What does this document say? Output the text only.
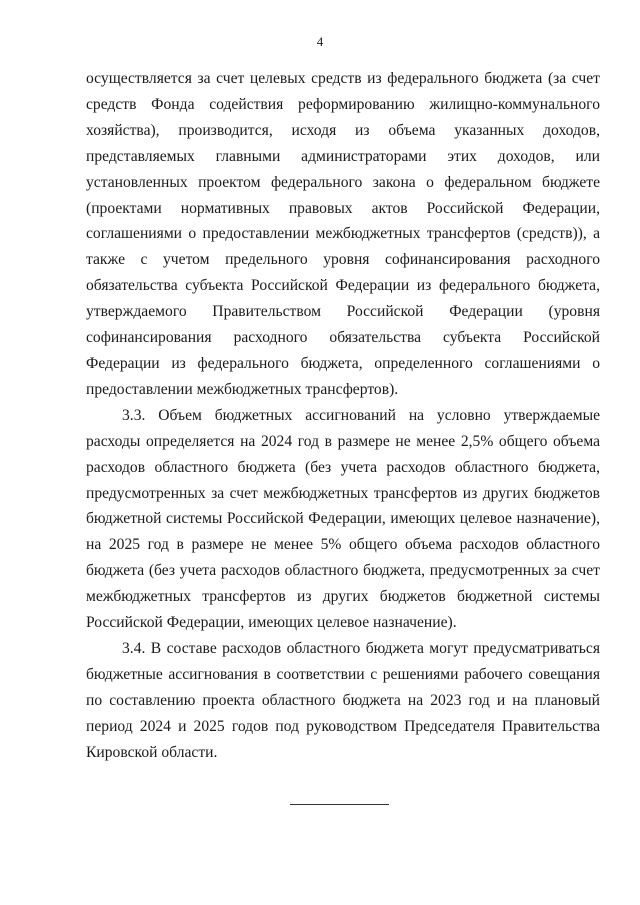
4

осуществляется за счет целевых средств из федерального бюджета (за счет средств Фонда содействия реформированию жилищно-коммунального хозяйства), производится, исходя из объема указанных доходов, представляемых главными администраторами этих доходов, или установленных проектом федерального закона о федеральном бюджете (проектами нормативных правовых актов Российской Федерации, соглашениями о предоставлении межбюджетных трансфертов (средств)), а также с учетом предельного уровня софинансирования расходного обязательства субъекта Российской Федерации из федерального бюджета, утверждаемого Правительством Российской Федерации (уровня софинансирования расходного обязательства субъекта Российской Федерации из федерального бюджета, определенного соглашениями о предоставлении межбюджетных трансфертов).

3.3. Объем бюджетных ассигнований на условно утверждаемые расходы определяется на 2024 год в размере не менее 2,5% общего объема расходов областного бюджета (без учета расходов областного бюджета, предусмотренных за счет межбюджетных трансфертов из других бюджетов бюджетной системы Российской Федерации, имеющих целевое назначение), на 2025 год в размере не менее 5% общего объема расходов областного бюджета (без учета расходов областного бюджета, предусмотренных за счет межбюджетных трансфертов из других бюджетов бюджетной системы Российской Федерации, имеющих целевое назначение).

3.4. В составе расходов областного бюджета могут предусматриваться бюджетные ассигнования в соответствии с решениями рабочего совещания по составлению проекта областного бюджета на 2023 год и на плановый период 2024 и 2025 годов под руководством Председателя Правительства Кировской области.
